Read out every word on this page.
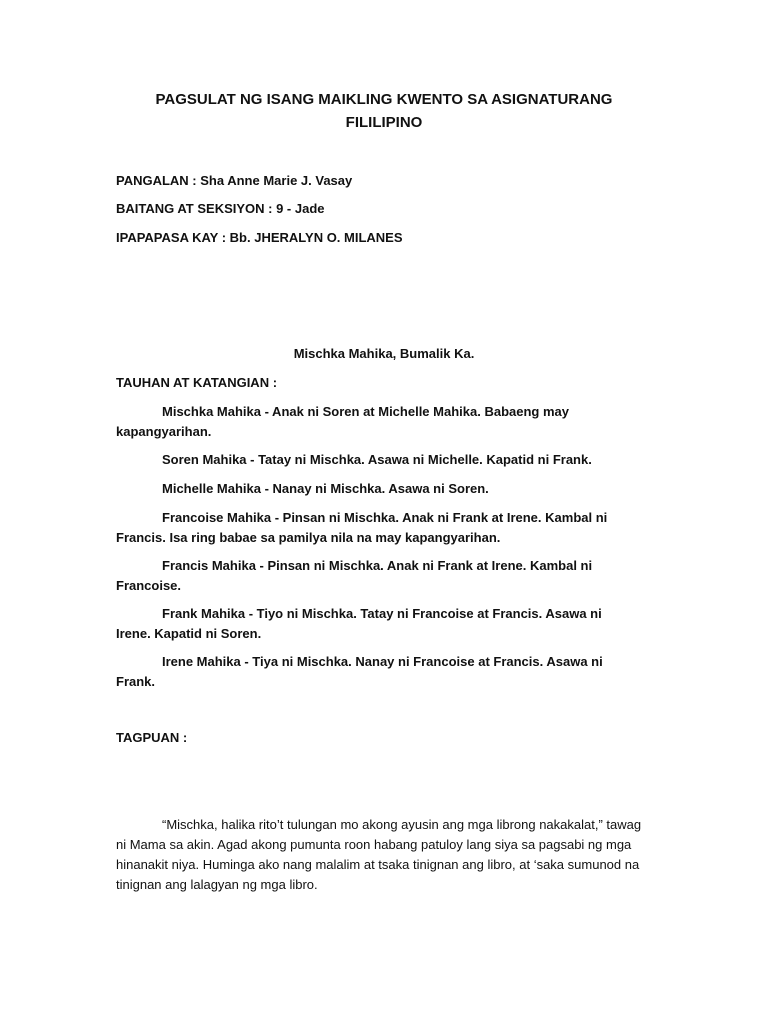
PAGSULAT NG ISANG MAIKLING KWENTO SA ASIGNATURANG
FILILIPINO
PANGALAN : Sha Anne Marie J. Vasay
BAITANG AT SEKSIYON : 9 - Jade
IPAPAPASA KAY : Bb. JHERALYN O. MILANES
Mischka Mahika, Bumalik Ka.
TAUHAN AT KATANGIAN :
Mischka Mahika - Anak ni Soren at Michelle Mahika. Babaeng may kapangyarihan.
Soren Mahika - Tatay ni Mischka. Asawa ni Michelle. Kapatid ni Frank.
Michelle Mahika - Nanay ni Mischka. Asawa ni Soren.
Francoise Mahika - Pinsan ni Mischka. Anak ni Frank at Irene. Kambal ni Francis. Isa ring babae sa pamilya nila na may kapangyarihan.
Francis Mahika - Pinsan ni Mischka. Anak ni Frank at Irene. Kambal ni Francoise.
Frank Mahika - Tiyo ni Mischka. Tatay ni Francoise at Francis. Asawa ni Irene. Kapatid ni Soren.
Irene Mahika - Tiya ni Mischka. Nanay ni Francoise at Francis. Asawa ni Frank.
TAGPUAN :
“Mischka, halika rito’t tulungan mo akong ayusin ang mga librong nakakalat,” tawag ni Mama sa akin. Agad akong pumunta roon habang patuloy lang siya sa pagsabi ng mga hinanakit niya. Huminga ako nang malalim at tsaka tinignan ang libro, at ‘saka sumunod na tinignan ang lalagyan ng mga libro.
